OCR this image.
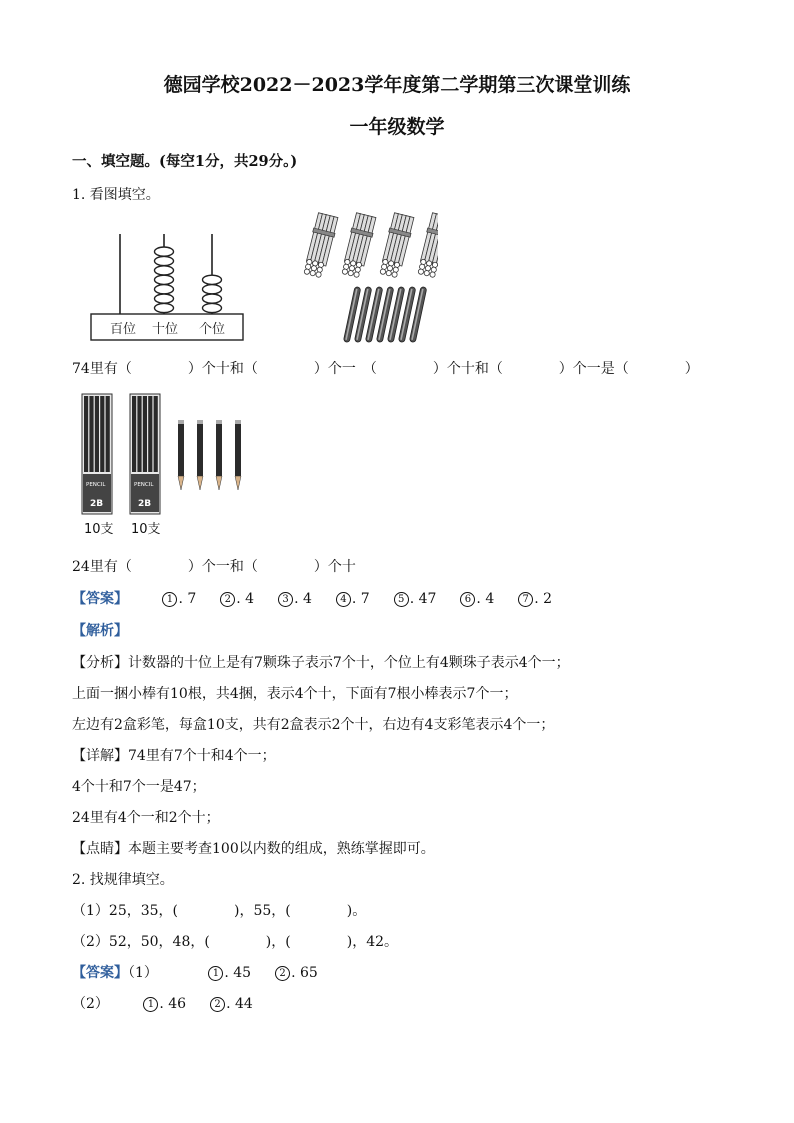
德园学校2022－2023学年度第二学期第三次课堂训练
一年级数学
一、填空题。(每空1分，共29分。)
1. 看图填空。
百位 十位 个位
74里有（　　　　）个十和（　　　　）个一　（　　　　）个十和（　　　　）个一是（　　　　）
PENCIL
2B
PENCIL
2B
10支 10支
24里有（　　　　）个一和（　　　　）个十
【答案】	1 . 7	2 . 4	3 . 4	4 . 7	5 . 47	6 . 4	7 . 2
【解析】
【分析】计数器的十位上是有7颗珠子表示7个十，个位上有4颗珠子表示4个一；
上面一捆小棒有10根，共4捆，表示4个十，下面有7根小棒表示7个一；
左边有2盒彩笔，每盒10支，共有2盒表示2个十，右边有4支彩笔表示4个一；
【详解】74里有7个十和4个一；
4个十和7个一是47；
24里有4个一和2个十；
【点睛】本题主要考查100以内数的组成，熟练掌握即可。
2. 找规律填空。
（1）25，35，(　　　　)，55，(　　　　)。
（2）52，50，48，(　　　　)，(　　　　)，42。
【答案】（1）	1 . 45	2 . 65
（2）	1 . 46	2 . 44
